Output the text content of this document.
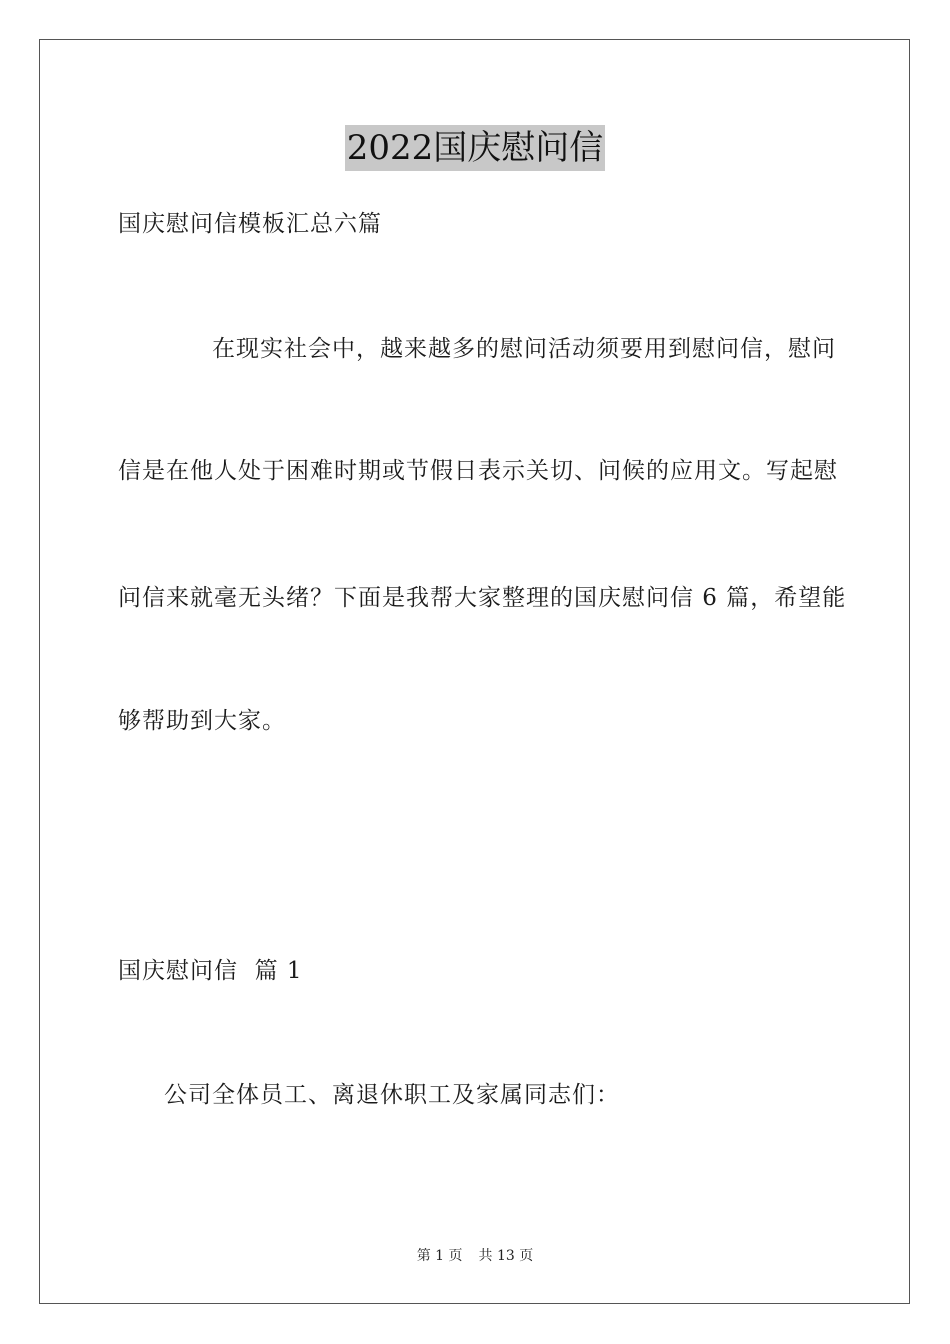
2022国庆慰问信
国庆慰问信模板汇总六篇
在现实社会中，越来越多的慰问活动须要用到慰问信，慰问
信是在他人处于困难时期或节假日表示关切、问候的应用文。写起慰
问信来就毫无头绪？下面是我帮大家整理的国庆慰问信 6 篇，希望能
够帮助到大家。
国庆慰问信  篇 1
公司全体员工、离退休职工及家属同志们：
第 1 页 共 13 页
